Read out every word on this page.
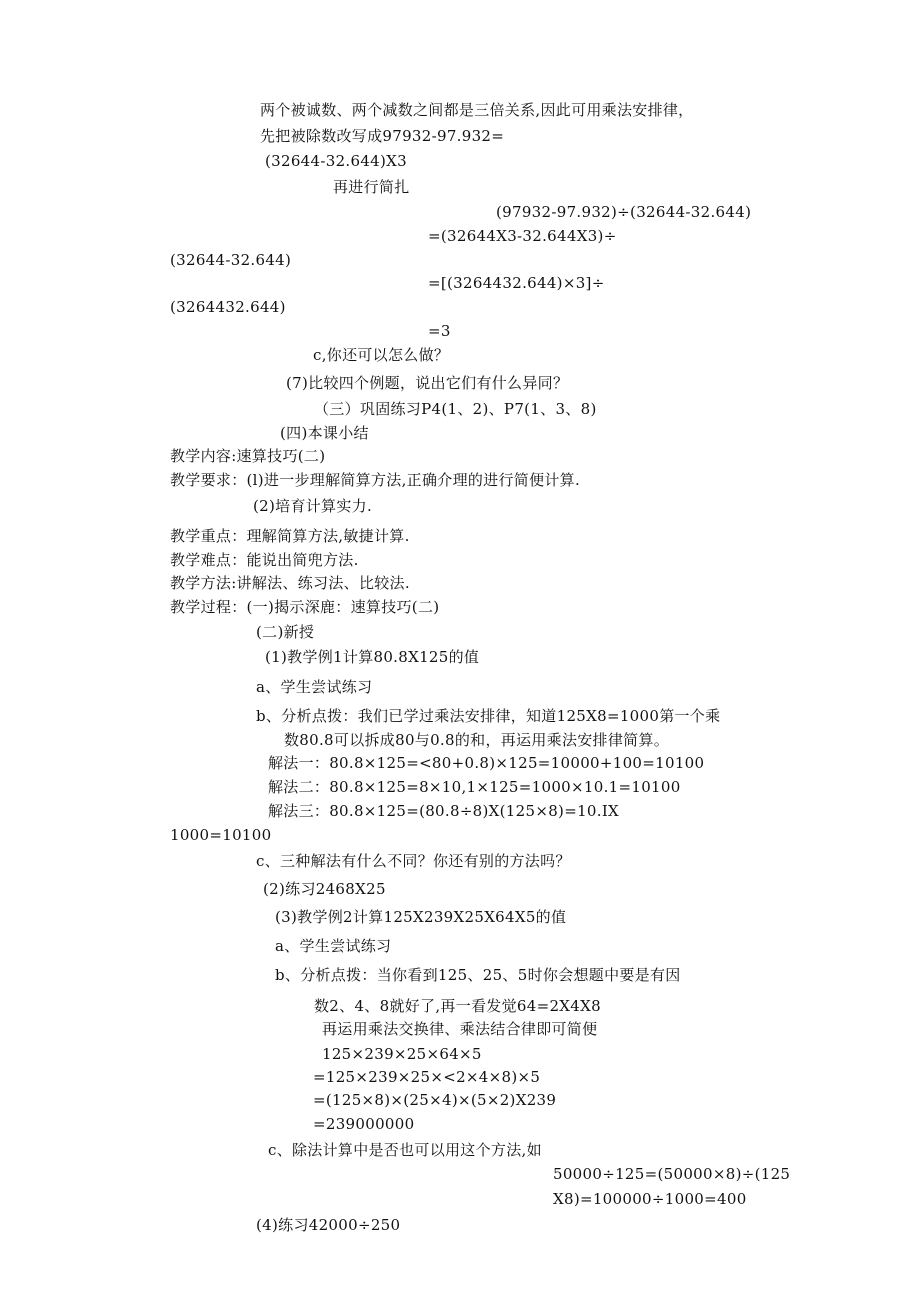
两个被诚数、两个减数之间都是三倍关系,因此可用乘法安排律，
先把被除数改写成97932-97.932=
(32644-32.644)X3
再进行简扎
(97932-97.932)÷(32644-32.644)
=(32644X3-32.644X3)÷
(32644-32.644)
=[(3264432.644)×3]÷
(3264432.644)
=3
c,你还可以怎么做？
(7)比较四个例题，说出它们有什么异同？
（三）巩固练习P4(1、2)、P7(1、3、8)
(四)本课小结
教学内容:速算技巧(二)
教学要求：(l)进一步理解简算方法,正确介理的进行简便计算.
(2)培育计算实力.
教学重点：理解简算方法,敏捷计算.
教学难点：能说出简兜方法.
教学方法:讲解法、练习法、比较法.
教学过程：(一)揭示深鹿：速算技巧(二)
(二)新授
(1)教学例1计算80.8X125的值
a、学生尝试练习
b、分析点拨：我们已学过乘法安排律，知道125X8=1000第一个乘
数80.8可以拆成80与0.8的和，再运用乘法安排律简算。
解法一：80.8×125=<80+0.8)×125=10000+100=10100
解法二：80.8×125=8×10,1×125=1000×10.1=10100
解法三：80.8×125=(80.8÷8)X(125×8)=10.IX
1000=10100
c、三种解法有什么不同？你还有别的方法吗？
(2)练习2468X25
(3)教学例2计算125X239X25X64X5的值
a、学生尝试练习
b、分析点拨：当你看到125、25、5时你会想题中要是有因
数2、4、8就好了,再一看发觉64=2X4X8
再运用乘法交换律、乘法结合律即可简便
125×239×25×64×5
=125×239×25×<2×4×8)×5
=(125×8)×(25×4)×(5×2)X239
=239000000
c、除法计算中是否也可以用这个方法,如
50000÷125=(50000×8)÷(125
X8)=100000÷1000=400
(4)练习42000÷250
